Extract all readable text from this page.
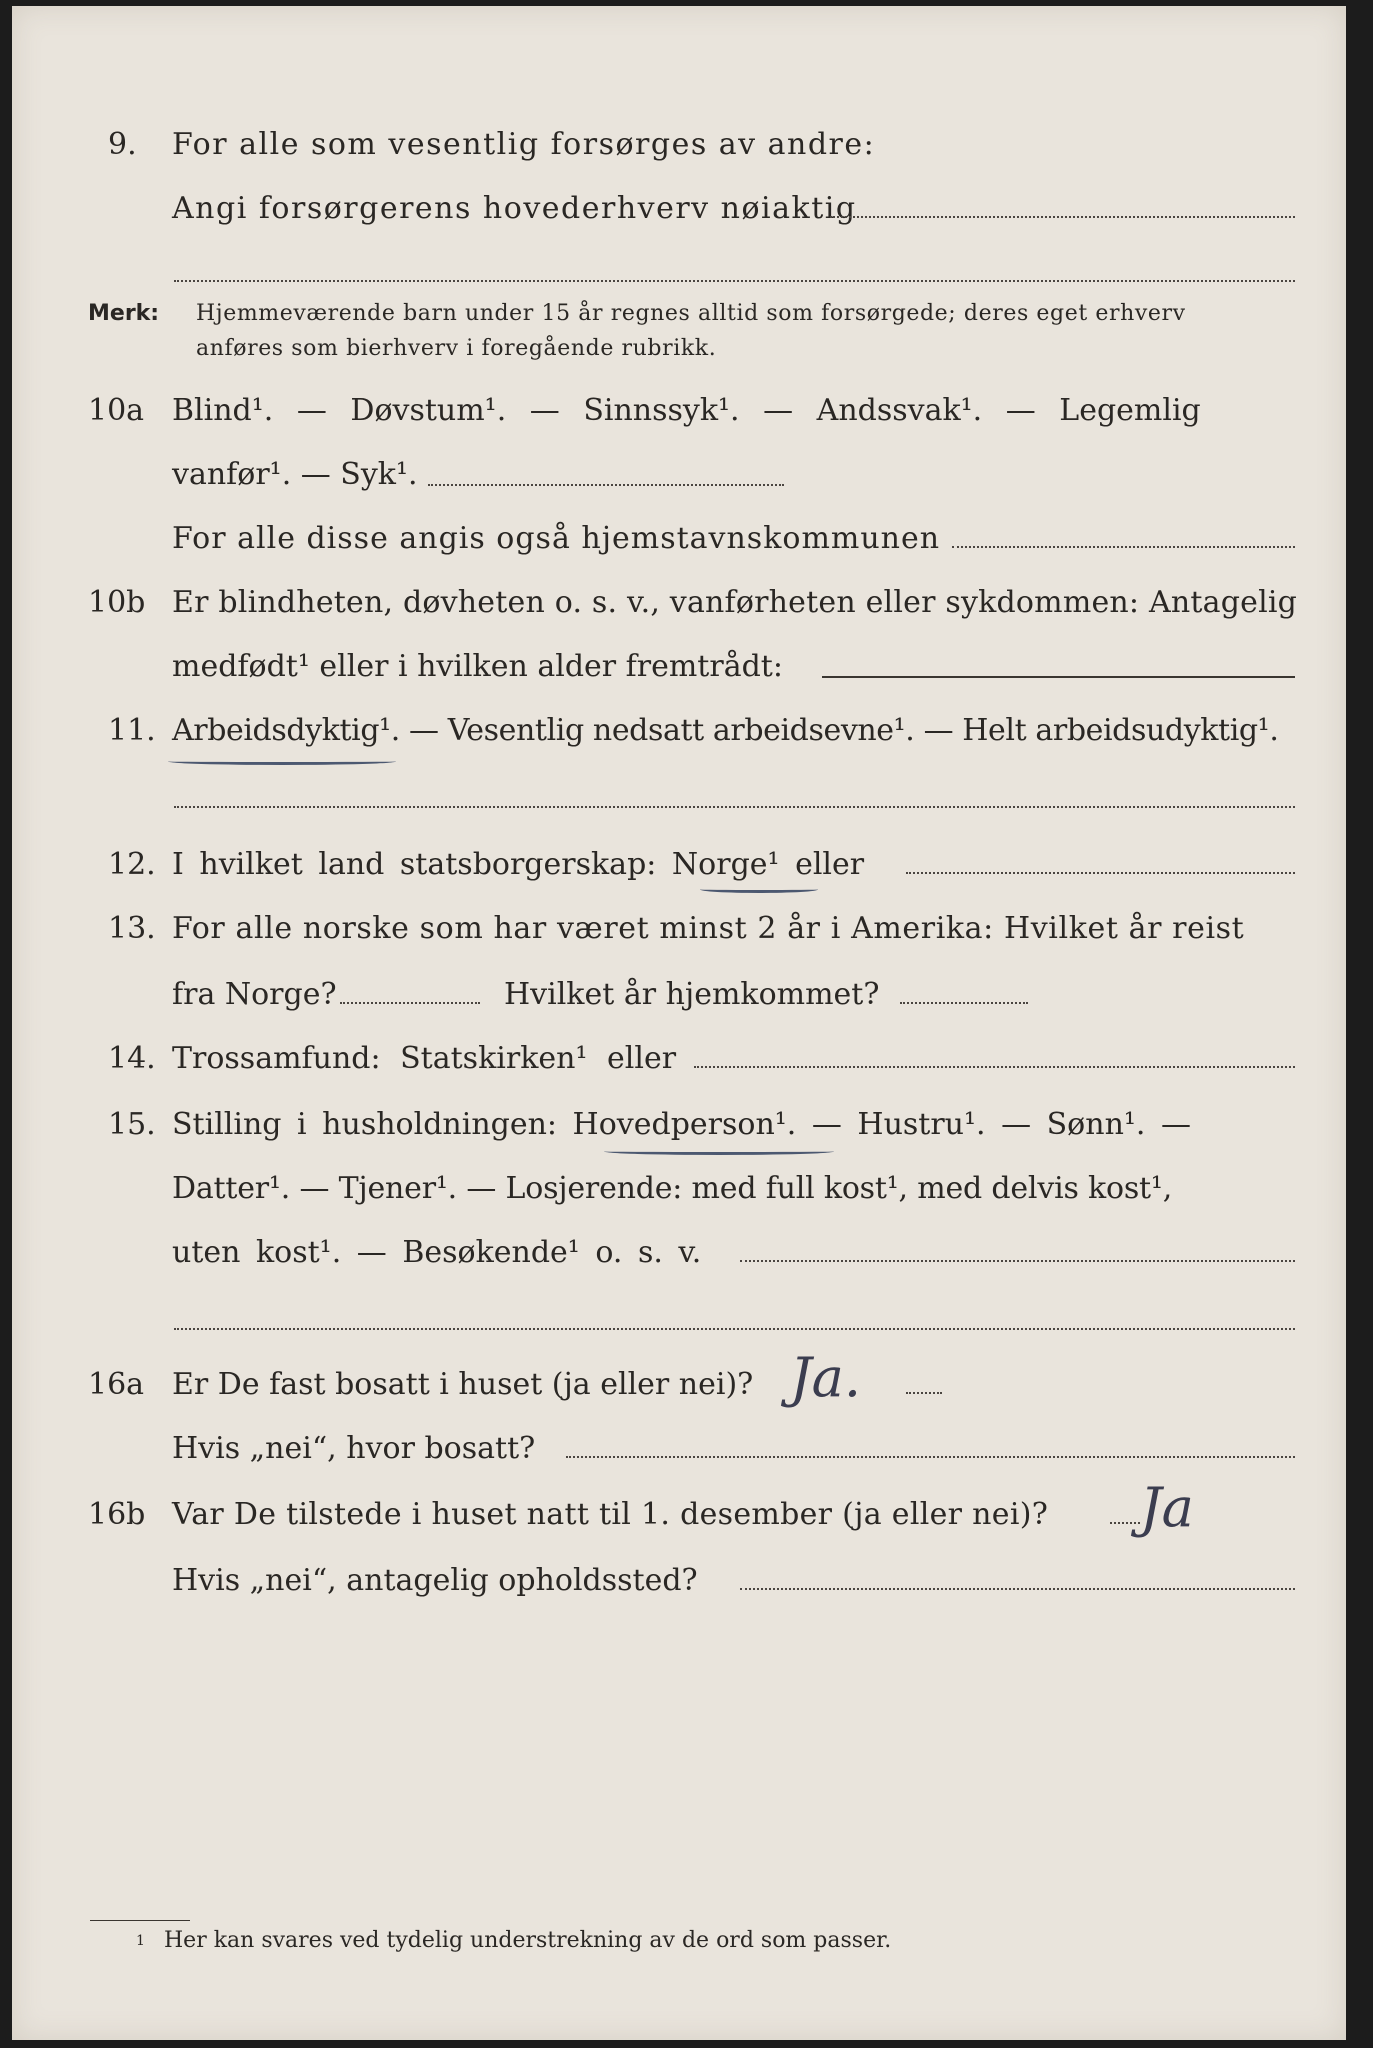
9. For alle som vesentlig forsørges av andre:
Angi forsørgerens hovederhverv nøiaktig
Merk: Hjemmeværende barn under 15 år regnes alltid som forsørgede; deres eget erhverv
anføres som bierhverv i foregående rubrikk.
10a Blind¹. — Døvstum¹. — Sinnssyk¹. — Andssvak¹. — Legemlig
vanfør¹. — Syk¹.
For alle disse angis også hjemstavnskommunen
10b Er blindheten, døvheten o. s. v., vanførheten eller sykdommen: Antagelig
medfødt¹ eller i hvilken alder fremtrådt:
11. Arbeidsdyktig¹. — Vesentlig nedsatt arbeidsevne¹. — Helt arbeidsudyktig¹.
12. I hvilket land statsborgerskap: Norge¹ eller
13. For alle norske som har været minst 2 år i Amerika: Hvilket år reist
fra Norge?	Hvilket år hjemkommet?
14. Trossamfund: Statskirken¹ eller
15. Stilling i husholdningen: Hovedperson¹. — Hustru¹. — Sønn¹. —
Datter¹. — Tjener¹. — Losjerende: med full kost¹, med delvis kost¹,
uten kost¹. — Besøkende¹ o. s. v.
16a Er De fast bosatt i huset (ja eller nei)? Ja.
Hvis „nei“, hvor bosatt?
16b Var De tilstede i huset natt til 1. desember (ja eller nei)? Ja
Hvis „nei“, antagelig opholdssted?
1 Her kan svares ved tydelig understrekning av de ord som passer.
